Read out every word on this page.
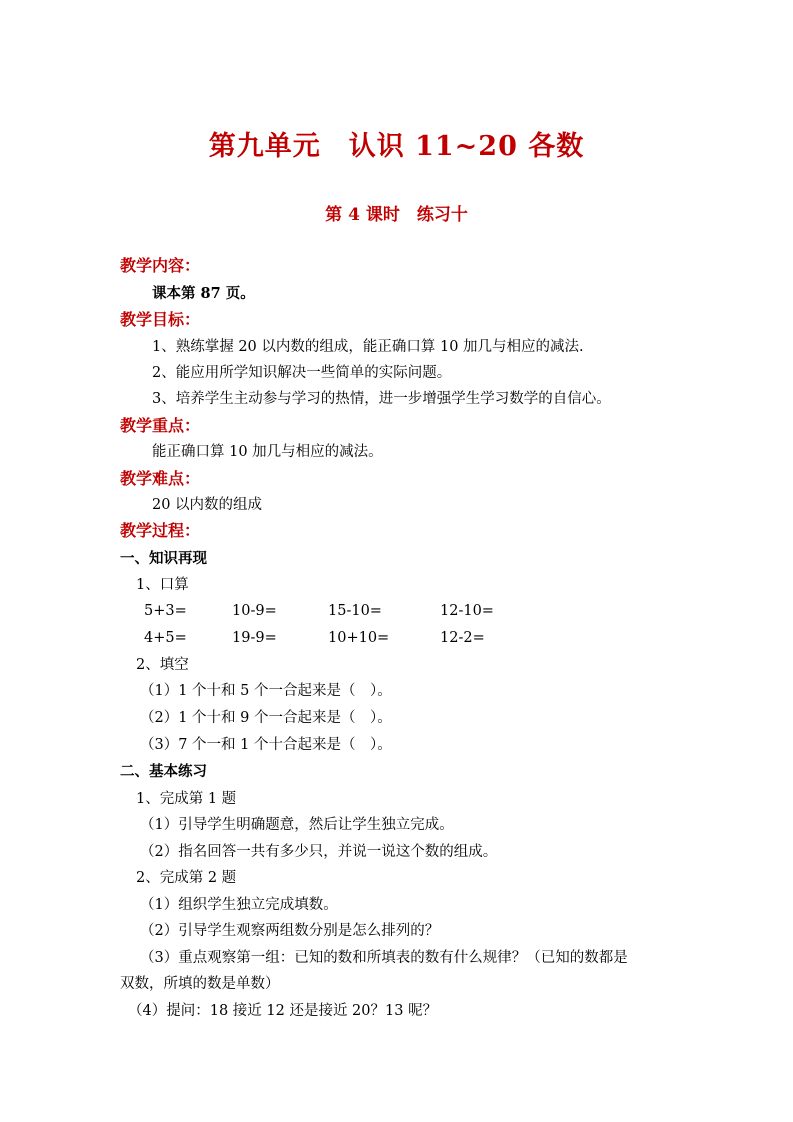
第九单元　认识 11~20 各数
第 4 课时　练习十
教学内容：
课本第 87 页。
教学目标：
1、熟练掌握 20 以内数的组成，能正确口算 10 加几与相应的减法.
2、能应用所学知识解决一些简单的实际问题。
3、培养学生主动参与学习的热情，进一步增强学生学习数学的自信心。
教学重点：
能正确口算 10 加几与相应的减法。
教学难点：
20 以内数的组成
教学过程：
一、知识再现
1、口算
5+3=	10-9=	15-10=	12-10=
4+5=	19-9=	10+10=	12-2=
2、填空
（1）1 个十和 5 个一合起来是（　）。
（2）1 个十和 9 个一合起来是（　）。
（3）7 个一和 1 个十合起来是（　）。
二、基本练习
1、完成第 1 题
（1）引导学生明确题意，然后让学生独立完成。
（2）指名回答一共有多少只，并说一说这个数的组成。
2、完成第 2 题
（1）组织学生独立完成填数。
（2）引导学生观察两组数分别是怎么排列的？
（3）重点观察第一组：已知的数和所填表的数有什么规律？（已知的数都是
双数，所填的数是单数）
（4）提问：18 接近 12 还是接近 20？13 呢？
